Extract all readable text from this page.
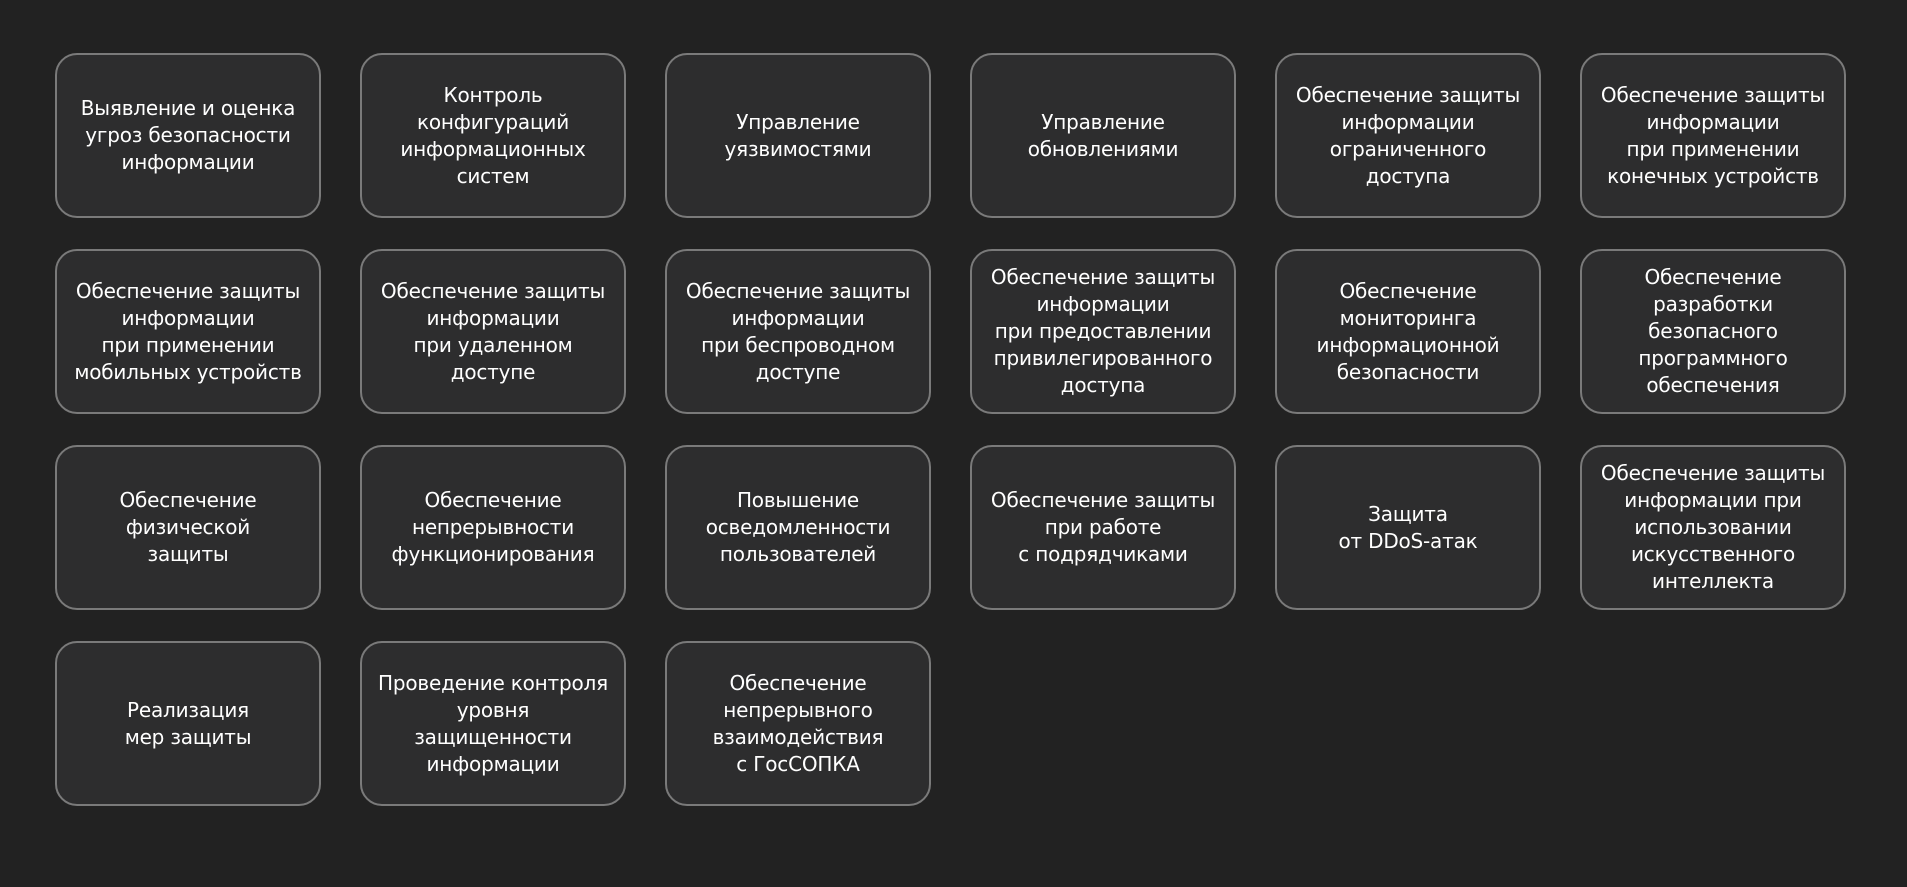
Выявление и оценка
угроз безопасности
информации
Контроль
конфигураций
информационных
систем
Управление
уязвимостями
Управление
обновлениями
Обеспечение защиты
информации
ограниченного доступа
Обеспечение защиты
информации
при применении
конечных устройств
Обеспечение защиты
информации
при применении
мобильных устройств
Обеспечение защиты
информации
при удаленном
доступе
Обеспечение защиты
информации
при беспроводном
доступе
Обеспечение защиты
информации
при предоставлении
привилегированного
доступа
Обеспечение
мониторинга
информационной
безопасности
Обеспечение
разработки
безопасного
программного
обеспечения
Обеспечение
физической
защиты
Обеспечение
непрерывности
функционирования
Повышение
осведомленности
пользователей
Обеспечение защиты
при работе
с подрядчиками
Защита
от DDoS-атак
Обеспечение защиты
информации при
использовании
искусственного
интеллекта
Реализация
мер защиты
Проведение контроля
уровня защищенности
информации
Обеспечение
непрерывного
взаимодействия
с ГосСОПКА
